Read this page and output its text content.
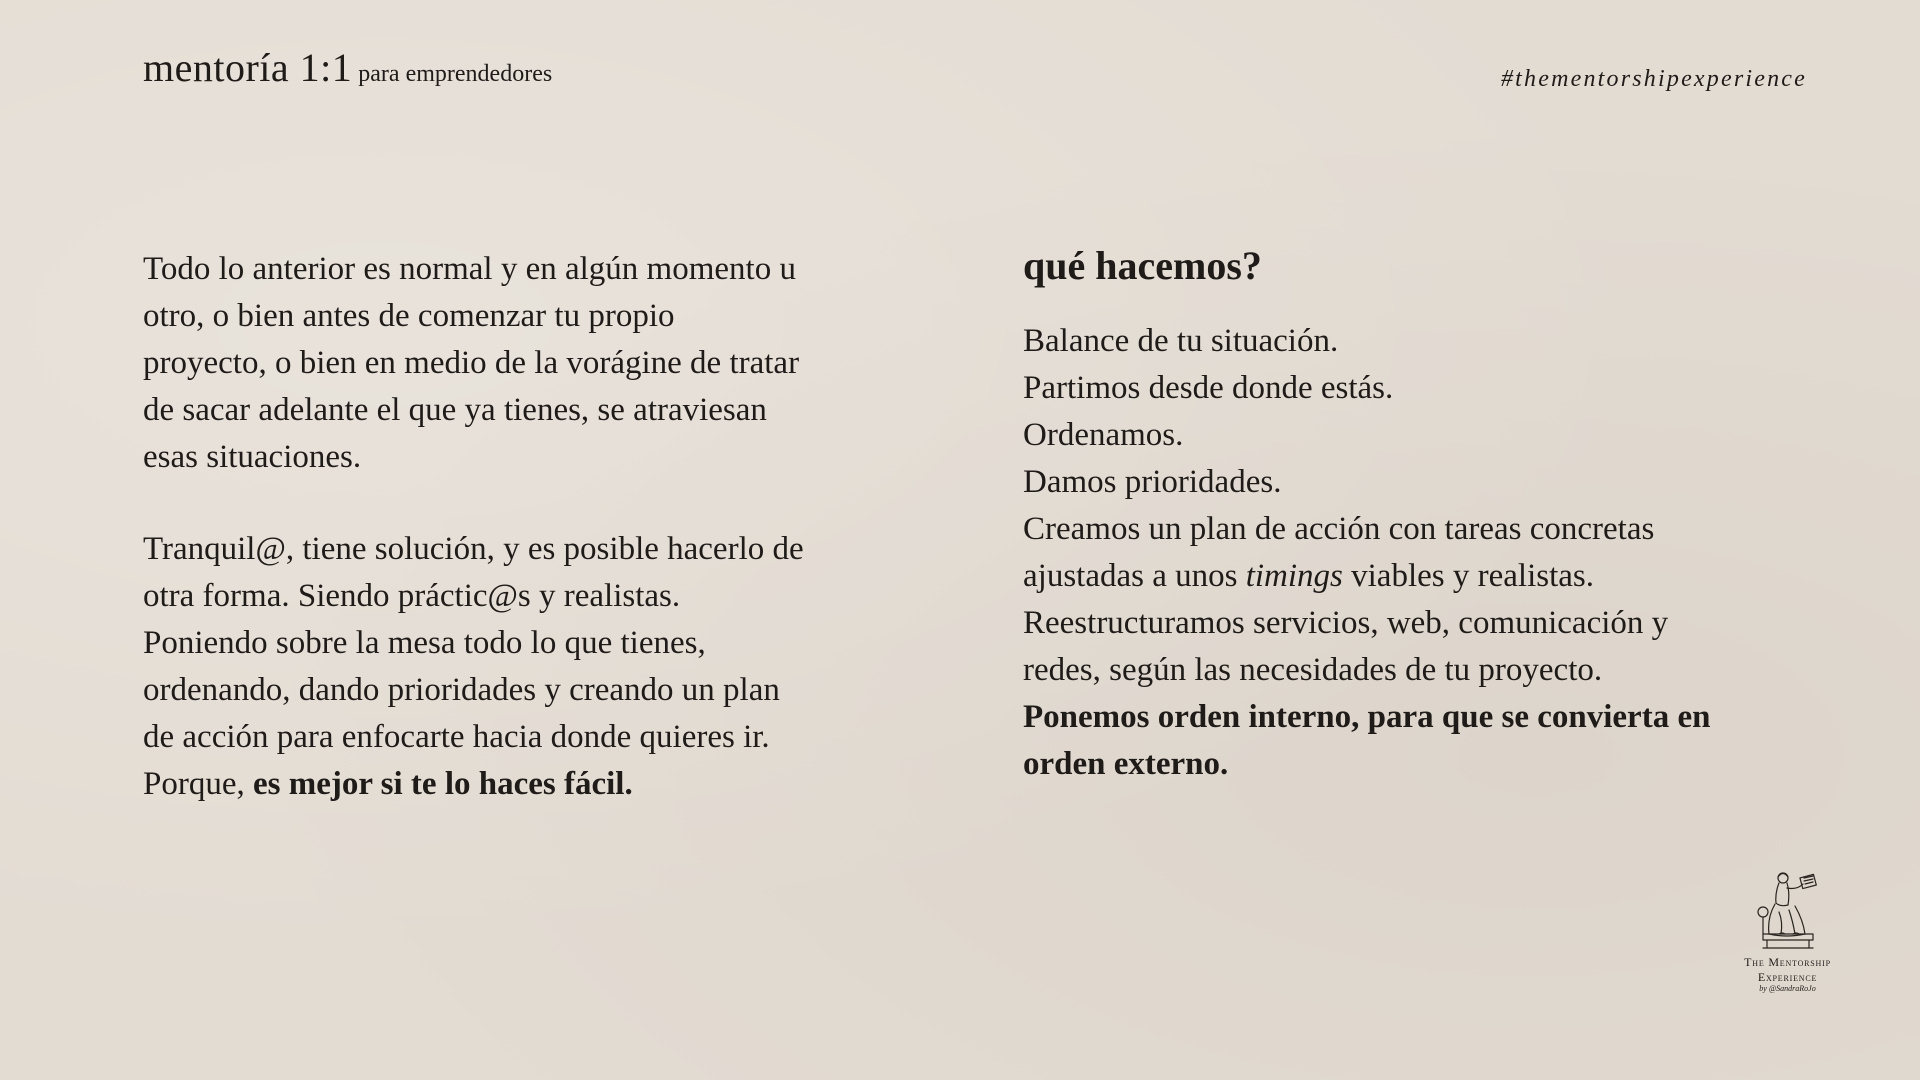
mentoría 1:1 para emprendedores	#thementorshipexperience
Todo lo anterior es normal y en algún momento u
otro, o bien antes de comenzar tu propio
proyecto, o bien en medio de la vorágine de tratar
de sacar adelante el que ya tienes, se atraviesan
esas situaciones.
Tranquil@, tiene solución, y es posible hacerlo de
otra forma. Siendo práctic@s y realistas.
Poniendo sobre la mesa todo lo que tienes,
ordenando, dando prioridades y creando un plan
de acción para enfocarte hacia donde quieres ir.
Porque, es mejor si te lo haces fácil.
qué hacemos?
Balance de tu situación.
Partimos desde donde estás.
Ordenamos.
Damos prioridades.
Creamos un plan de acción con tareas concretas
ajustadas a unos timings viables y realistas.
Reestructuramos servicios, web, comunicación y
redes, según las necesidades de tu proyecto.
Ponemos orden interno, para que se convierta en
orden externo.
The Mentorship
Experience
by @SandraRoJo
